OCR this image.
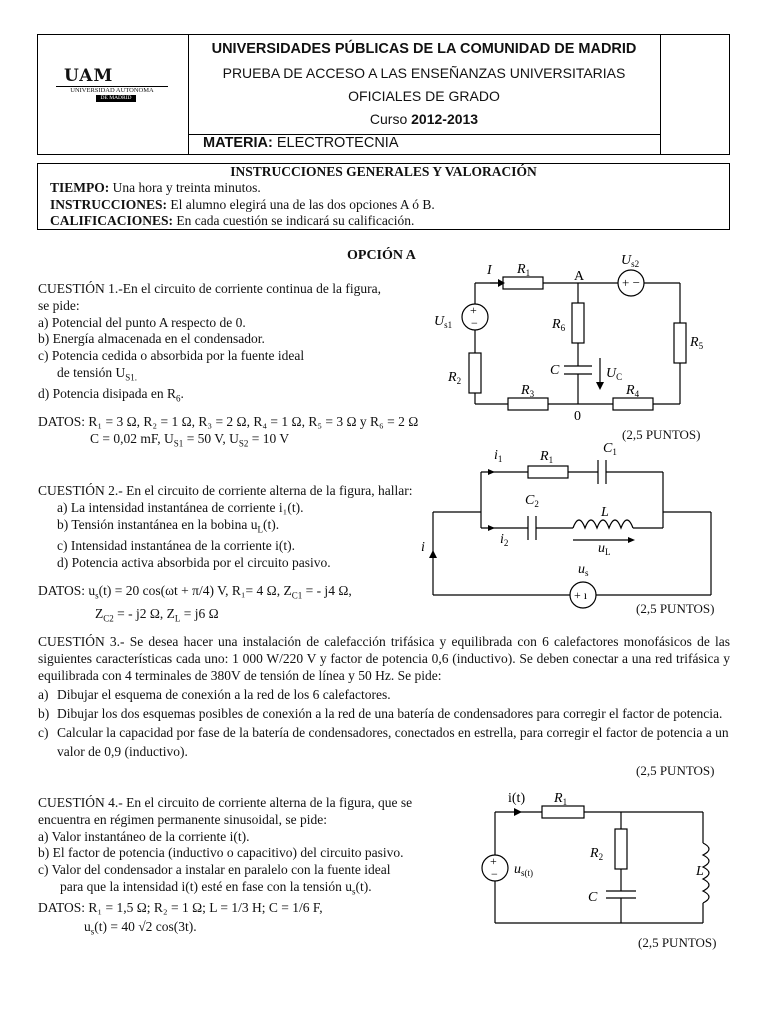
UAM
UNIVERSIDAD AUTONOMA
DE MADRID
UNIVERSIDADES PÚBLICAS DE LA COMUNIDAD DE MADRID
PRUEBA DE ACCESO A LAS ENSEÑANZAS UNIVERSITARIAS
OFICIALES DE GRADO
Curso 2012-2013
MATERIA: ELECTROTECNIA
INSTRUCCIONES GENERALES Y VALORACIÓN
TIEMPO: Una hora y treinta minutos.
INSTRUCCIONES: El alumno elegirá una de las dos opciones A ó B.
CALIFICACIONES: En cada cuestión se indicará su calificación.
OPCIÓN A
CUESTIÓN 1.-En el circuito de corriente continua de la figura,
se pide:
a) Potencial del punto A respecto de 0.
b) Energía almacenada en el condensador.
c) Potencia cedida o absorbida por la fuente ideal
de tensión $U_{S1.}$
d) Potencia disipada en $R_6$.
DATOS: R₁ = 3 Ω, R₂ = 1 Ω, R₃ = 2 Ω, R₄ = 1 Ω, R₅ = 3 Ω y R₆ = 2 Ω
C = 0,02 mF, $U_{S1} = 50$ V, $U_{S2} = 10$ V	(2,5 PUNTOS)
I $R_1$	A
$U_{s2}$
+ −
$U_{s1}$
+
−	$R_6$
$R_5$
C	$U_C$
$R_2$
$R_3$	$R_4$
0
CUESTIÓN 2.- En el circuito de corriente alterna de la figura, hallar:
a) La intensidad instantánea de corriente i₁(t).
b) Tensión instantánea en la bobina $u_L(t)$.
c) Intensidad instantánea de la corriente i(t).
d) Potencia activa absorbida por el circuito pasivo.
DATOS: $u_s(t) = 20$ cos(ωt + π/4) V, R₁= 4 Ω, $Z_{C1}$ = - j4 Ω,
$Z_{C2}$ = - j2 Ω, $Z_L = j6$ Ω	(2,5 PUNTOS)
$i_1$	$R_1$
$C_1$
$C_2$
L
i
$i_2$	$u_L$
$u_s$
+ ı
CUESTIÓN 3.- Se desea hacer una instalación de calefacción trifásica y equilibrada con 6 calefactores monofásicos de las siguientes características cada uno: 1 000 W/220 V y factor de potencia 0,6 (inductivo). Se deben conectar a una red trifásica y equilibrada con 4 terminales de 380V de tensión de línea y 50 Hz. Se pide:
a) Dibujar el esquema de conexión a la red de los 6 calefactores.
b) Dibujar los dos esquemas posibles de conexión a la red de una batería de condensadores para corregir el factor de potencia.
c) Calcular la capacidad por fase de la batería de condensadores, conectados en estrella, para corregir el factor de potencia a un valor de 0,9 (inductivo).
(2,5 PUNTOS)
CUESTIÓN 4.- En el circuito de corriente alterna de la figura, que se
encuentra en régimen permanente sinusoidal, se pide:
a) Valor instantáneo de la corriente i(t).
b) El factor de potencia (inductivo o capacitivo) del circuito pasivo.
c) Valor del condensador a instalar en paralelo con la fuente ideal
para que la intensidad i(t) esté en fase con la tensión $u_s(t)$.
DATOS: R₁ = 1,5 Ω; R₂ = 1 Ω; L = 1/3 H; C = 1/6 F,
$u_s(t) = 40$ √2 cos(3t).
(2,5 PUNTOS)
i(t) $R_1$
$R_2$
L
C
$u_{s(t)}$
+
−
